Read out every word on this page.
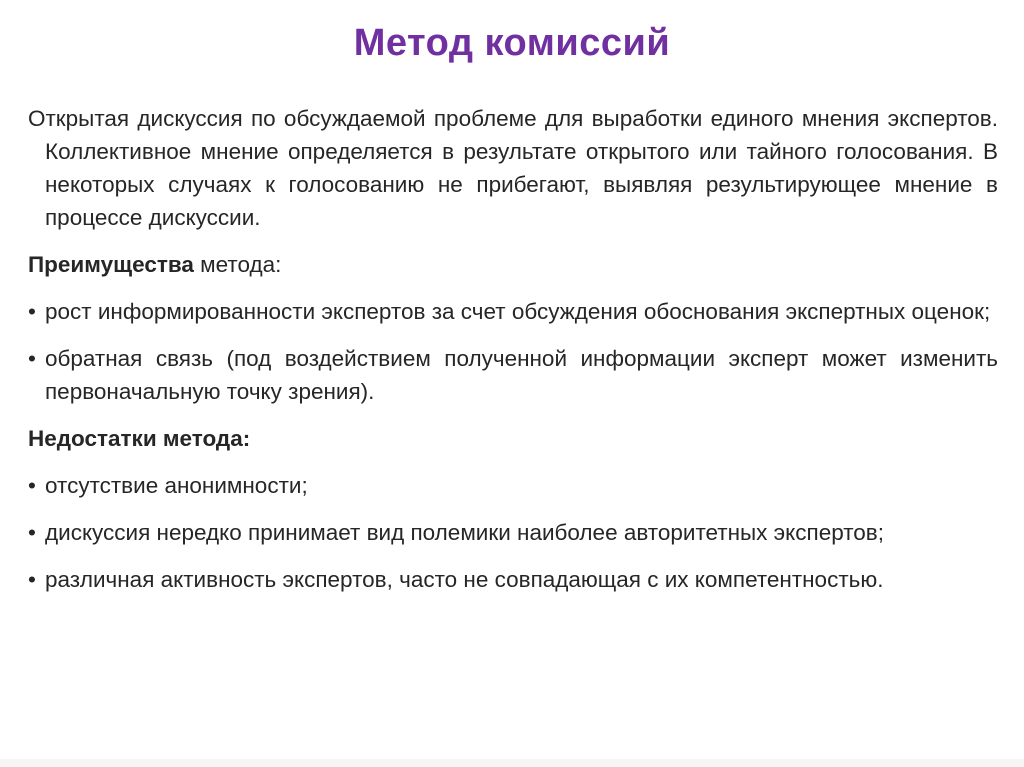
Метод комиссий

Открытая дискуссия по обсуждаемой проблеме для выработки единого мнения экспертов. Коллективное мнение определяется в результате открытого или тайного голосования. В некоторых случаях к голосованию не прибегают, выявляя результирующее мнение в процессе дискуссии.

Преимущества метода:
• рост информированности экспертов за счет обсуждения обоснования экспертных оценок;
• обратная связь (под воздействием полученной информации эксперт может изменить первоначальную точку зрения).
Недостатки метода:
• отсутствие анонимности;
• дискуссия нередко принимает вид полемики наиболее авторитетных экспертов;
• различная активность экспертов, часто не совпадающая с их компетентностью.
